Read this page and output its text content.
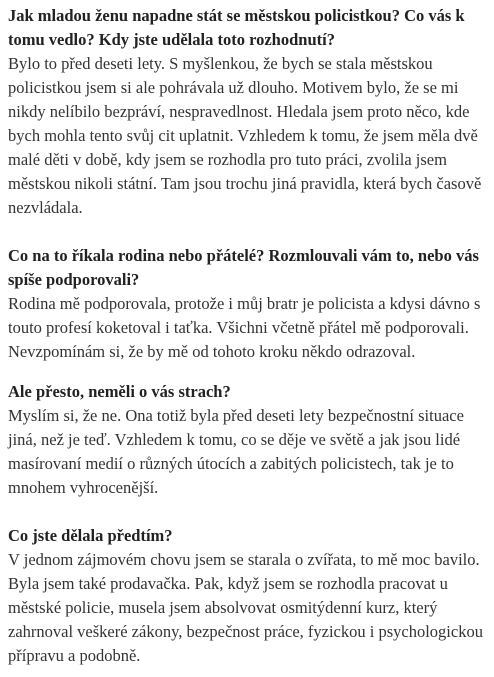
Jak mladou ženu napadne stát se městskou policistkou? Co vás k tomu vedlo? Kdy jste udělala toto rozhodnutí?

Bylo to před deseti lety. S myšlenkou, že bych se stala městskou policistkou jsem si ale pohrávala už dlouho. Motivem bylo, že se mi nikdy nelíbilo bezpráví, nespravedlnost. Hledala jsem proto něco, kde bych mohla tento svůj cit uplatnit. Vzhledem k tomu, že jsem měla dvě malé děti v době, kdy jsem se rozhodla pro tuto práci, zvolila jsem městskou nikoli státní. Tam jsou trochu jiná pravidla, která bych časově nezvládala.

Co na to říkala rodina nebo přátelé? Rozmlouvali vám to, nebo vás spíše podporovali?

Rodina mě podporovala, protože i můj bratr je policista a kdysi dávno s touto profesí koketoval i taťka. Všichni včetně přátel mě podporovali. Nevzpomínám si, že by mě od tohoto kroku někdo odrazoval.

Ale přesto, neměli o vás strach?

Myslím si, že ne. Ona totiž byla před deseti lety bezpečnostní situace jiná, než je teď. Vzhledem k tomu, co se děje ve světě a jak jsou lidé masírovaní medií o různých útocích a zabitých policistech, tak je to mnohem vyhrocenější.

Co jste dělala předtím?

V jednom zájmovém chovu jsem se starala o zvířata, to mě moc bavilo. Byla jsem také prodavačka. Pak, když jsem se rozhodla pracovat u městské policie, musela jsem absolvovat osmitýdenní kurz, který zahrnoval veškeré zákony, bezpečnost práce, fyzickou i psychologickou přípravu a podobně.
